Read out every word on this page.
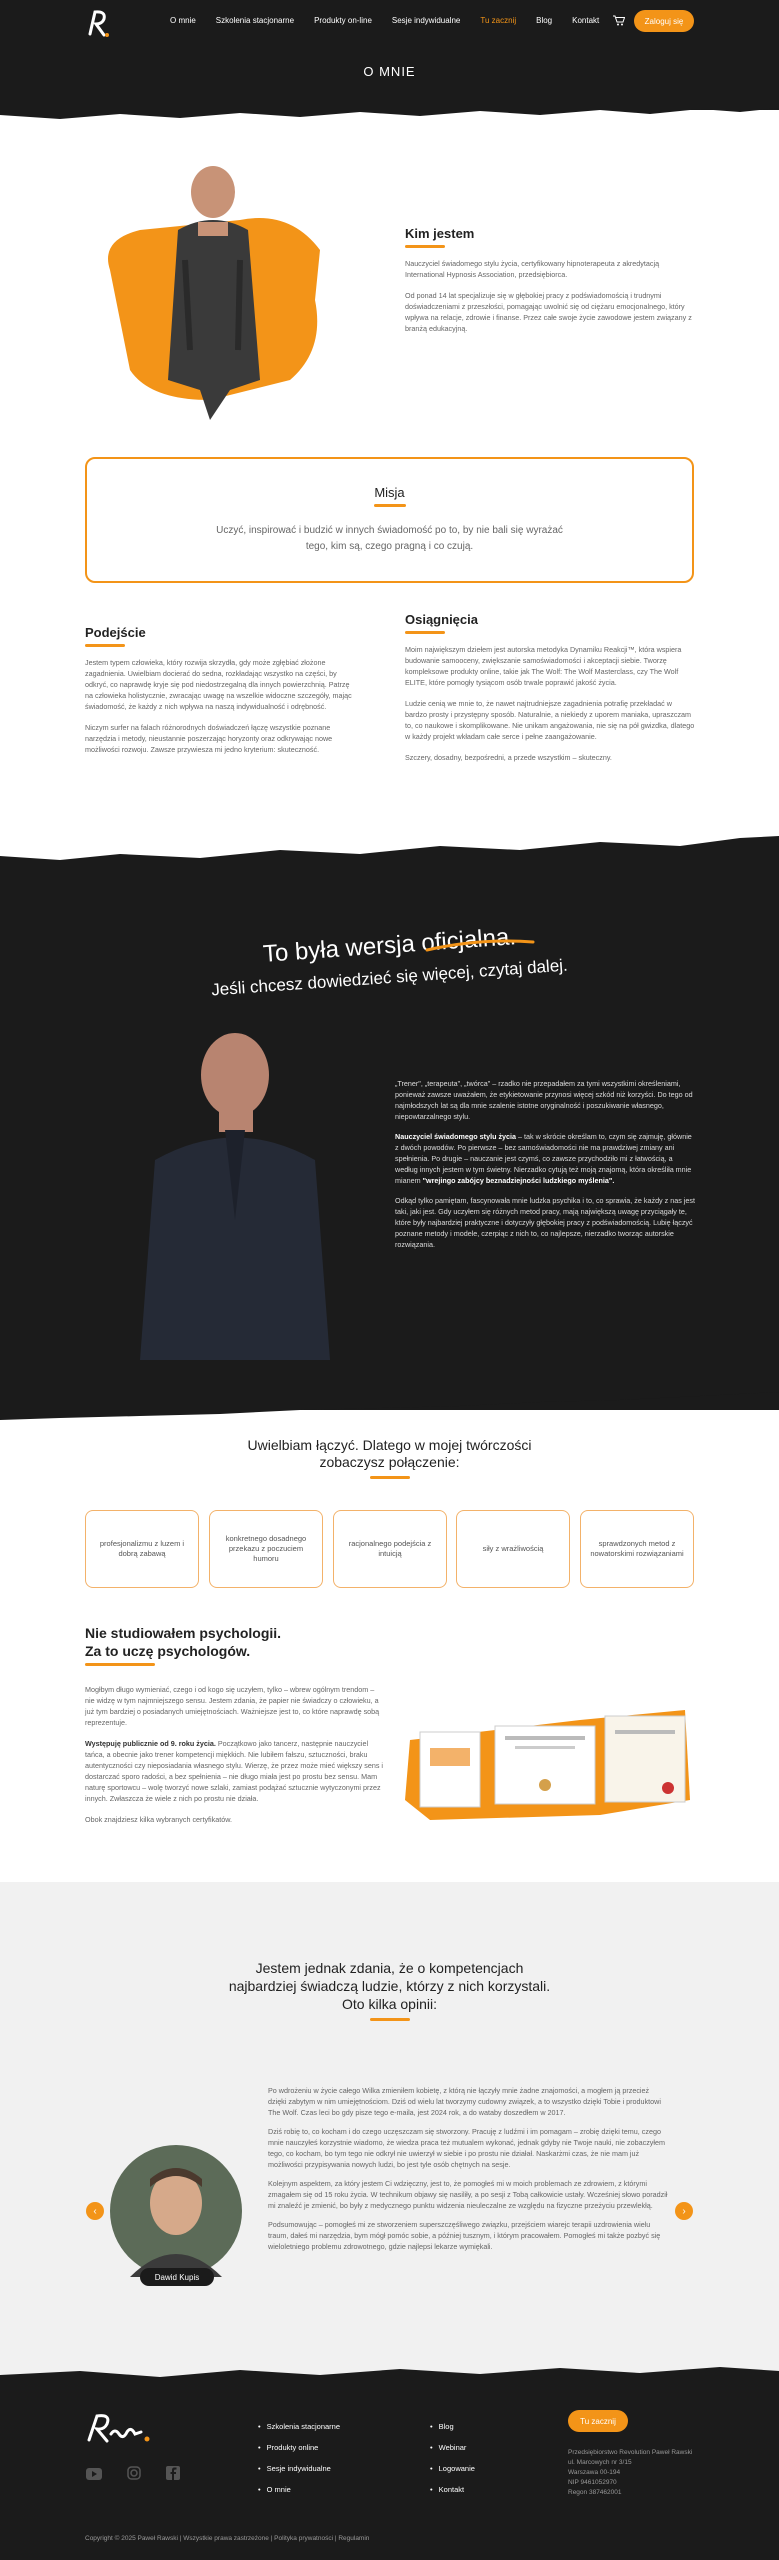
O mnie	Szkolenia stacjonarne	Produkty on-line	Sesje indywidualne	Tu zacznij	Blog	Kontakt	Zaloguj się
O MNIE
Kim jestem

Nauczyciel świadomego stylu życia, certyfikowany hipnoterapeuta z akredytacją International Hypnosis Association, przedsiębiorca.

Od ponad 14 lat specjalizuje się w głębokiej pracy z podświadomością i trudnymi doświadczeniami z przeszłości, pomagając uwolnić się od ciężaru emocjonalnego, który wpływa na relacje, zdrowie i finanse. Przez całe swoje życie zawodowe jestem związany z branżą edukacyjną.

Misja
Uczyć, inspirować i budzić w innych świadomość po to, by nie bali się wyrażać tego, kim są, czego pragną i co czują.
Podejście

Jestem typem człowieka, który rozwija skrzydła, gdy może zgłębiać złożone zagadnienia. Uwielbiam docierać do sedna, rozkładając wszystko na części, by odkryć, co naprawdę kryje się pod niedostrzegalną dla innych powierzchnią. Patrzę na człowieka holistycznie, zwracając uwagę na wszelkie widoczne szczegóły, mając świadomość, że każdy z nich wpływa na naszą indywidualność i odrębność.

Niczym surfer na falach różnorodnych doświadczeń łączę wszystkie poznane narzędzia i metody, nieustannie poszerzając horyzonty oraz odkrywając nowe możliwości rozwoju. Zawsze przywiesza mi jedno kryterium: skuteczność.

Osiągnięcia

Moim największym dziełem jest autorska metodyka Dynamiku Reakcji™, która wspiera budowanie samooceny, zwiększanie samoświadomości i akceptacji siebie. Tworzę kompleksowe produkty online, takie jak The Wolf: The Wolf Masterclass, czy The Wolf ELITE, które pomogły tysiącom osób trwale poprawić jakość życia.

Ludzie cenią we mnie to, że nawet najtrudniejsze zagadnienia potrafię przekładać w bardzo prosty i przystępny sposób. Naturalnie, a niekiedy z uporem maniaka, upraszczam to, co naukowe i skomplikowane. Nie unikam angażowania, nie się na pół gwizdka, dlatego w każdy projekt wkładam całe serce i pełne zaangażowanie.

Szczery, dosadny, bezpośredni, a przede wszystkim – skuteczny.

To była wersja oficjalna.
Jeśli chcesz dowiedzieć się więcej, czytaj dalej.

„Trener", „terapeuta", „twórca" – rzadko nie przepadałem za tymi wszystkimi określeniami, ponieważ zawsze uważałem, że etykietowanie przynosi więcej szkód niż korzyści. Do tego od najmłodszych lat są dla mnie szalenie istotne oryginalność i poszukiwanie własnego, niepowtarzalnego stylu.

Nauczyciel świadomego stylu życia – tak w skrócie określam to, czym się zajmuję, głównie z dwóch powodów. Po pierwsze – bez samoświadomości nie ma prawdziwej zmiany ani spełnienia. Po drugie – nauczanie jest czymś, co zawsze przychodziło mi z łatwością, a według innych jestem w tym świetny. Nierzadko cytują też moją znajomą, która określiła mnie mianem "wrejingo zabójcy beznadziejności ludzkiego myślenia".

Odkąd tylko pamiętam, fascynowała mnie ludzka psychika i to, co sprawia, że każdy z nas jest taki, jaki jest. Gdy uczyłem się różnych metod pracy, mają największą uwagę przyciągały te, które były najbardziej praktyczne i dotyczyły głębokiej pracy z podświadomością. Lubię łączyć poznane metody i modele, czerpiąc z nich to, co najlepsze, nierzadko tworząc autorskie rozwiązania.

Uwielbiam łączyć. Dlatego w mojej twórczości
zobaczysz połączenie:
profesjonalizmu z luzem i dobrą zabawą
konkretnego dosadnego przekazu z poczuciem humoru
racjonalnego podejścia z intuicją
siły z wrażliwością
sprawdzonych metod z nowatorskimi rozwiązaniami
Nie studiowałem psychologii.
Za to uczę psychologów.

Mogłbym długo wymieniać, czego i od kogo się uczyłem, tylko – wbrew ogólnym trendom – nie widzę w tym najmniejszego sensu. Jestem zdania, że papier nie świadczy o człowieku, a już tym bardziej o posiadanych umiejętnościach. Ważniejsze jest to, co które naprawdę sobą reprezentuje.

Występuję publicznie od 9. roku życia. Początkowo jako tancerz, następnie nauczyciel tańca, a obecnie jako trener kompetencji miękkich. Nie lubiłem fałszu, sztuczności, braku autentyczności czy nieposiadania własnego stylu. Wierzę, że przez może mieć większy sens i dostarczać sporo radości, a bez spełnienia – nie długo miała jest po prostu bez sensu. Mam naturę sportowcu – wolę tworzyć nowe szlaki, zamiast podążać sztucznie wytyczonymi przez innych. Zwłaszcza że wiele z nich po prostu nie działa.

Obok znajdziesz kilka wybranych certyfikatów.

Jestem jednak zdania, że o kompetencjach
najbardziej świadczą ludzie, którzy z nich korzystali.
Oto kilka opinii:
‹	›
Dawid Kupis

Po wdrożeniu w życie całego Wilka zmieniłem kobietę, z którą nie łączyły mnie żadne znajomości, a mogłem ją przecież dzięki zabytym w nim umiejętnościom. Dziś od wielu lat tworzymy cudowny związek, a to wszystko dzięki Tobie i produktowi The Wolf. Czas leci bo gdy pisze tego e-maila, jest 2024 rok, a do wataby doszedłem w 2017.

Dziś robię to, co kocham i do czego uczęszczam się stworzony. Pracuję z ludźmi i im pomagam – zrobię dzięki temu, czego mnie nauczyłeś korzystnie wiadomo, że wiedza praca też mutualem wykonać, jednak gdyby nie Twoje nauki, nie zobaczyłem tego, co kocham, bo tym tego nie odkrył nie uwierzył w siebie i po prostu nie działał. Naskarżmi czas, że nie mam już możliwości przypisywania nowych ludzi, bo jest tyle osób chętnych na sesje.

Kolejnym aspektem, za który jestem Ci wdzięczny, jest to, że pomogłeś mi w moich problemach ze zdrowiem, z którymi zmagałem się od 15 roku życia. W technikum objawy się nasiliły, a po sesji z Tobą całkowicie ustały. Wcześniej słowo poradził mi znaleźć je zmienić, bo były z medycznego punktu widzenia nieuleczalne ze względu na fizyczne przeżyciu przewlekłą.

Podsumowując – pomogłeś mi ze stworzeniem superszczęśliwego związku, przejściem wiarejc terapii uzdrowienia wielu traum, dałeś mi narzędzia, bym mógł pomóc sobie, a później tusznym, i którym pracowałem. Pomogłeś mi także pozbyć się wieloletniego problemu zdrowotnego, gdzie najlepsi lekarze wymiękali.

• Szkolenia stacjonarne
• Produkty online
• Sesje indywidualne
• O mnie
• Blog
• Webinar
• Logowanie
• Kontakt
Tu zacznij
Przedsiębiorstwo Revolution Paweł Rawski
ul. Marcowych nr 3/15
Warszawa 00-194
NIP 9461052970
Regon 387462001
Copyright © 2025 Paweł Rawski | Wszystkie prawa zastrzeżone | Polityka prywatności | Regulamin
